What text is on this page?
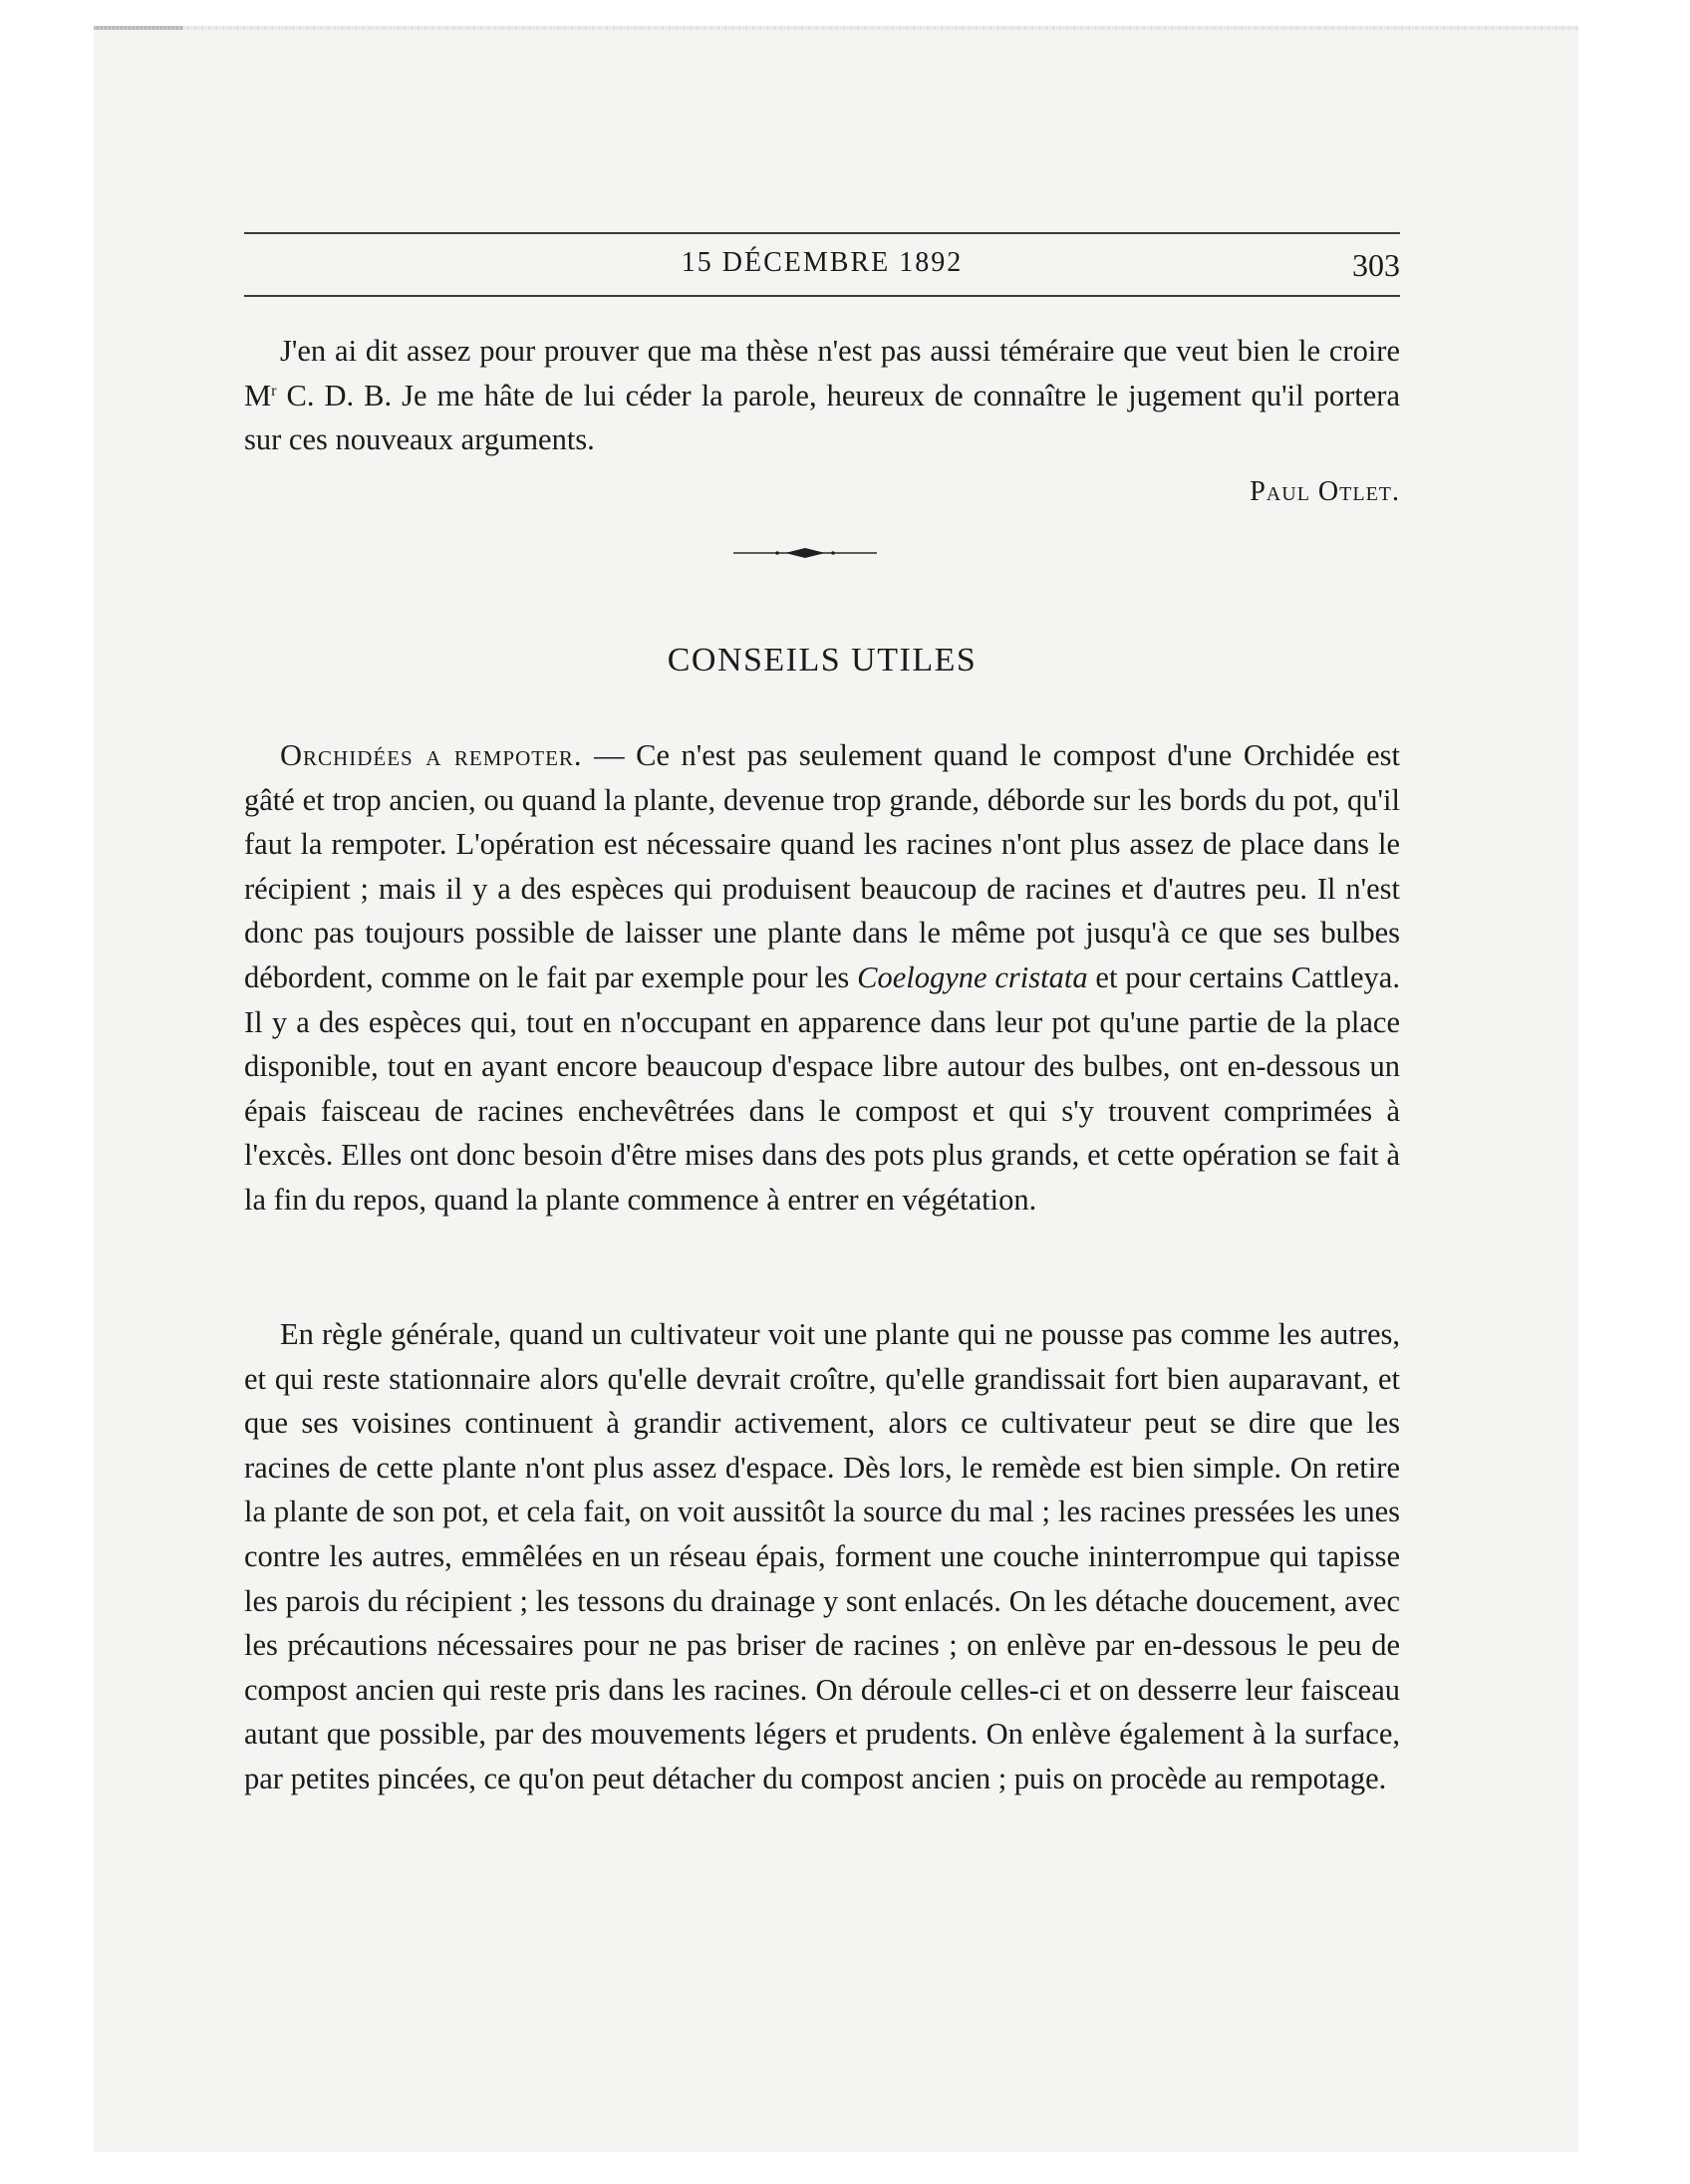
15 DÉCEMBRE 1892	303

J'en ai dit assez pour prouver que ma thèse n'est pas aussi téméraire que veut bien le croire $M^r$ C. D. B. Je me hâte de lui céder la parole, heureux de connaître le jugement qu'il portera sur ces nouveaux arguments.

Paul Otlet.
CONSEILS UTILES

Orchidées a rempoter. — Ce n'est pas seulement quand le compost d'une Orchidée est gâté et trop ancien, ou quand la plante, devenue trop grande, déborde sur les bords du pot, qu'il faut la rempoter. L'opération est nécessaire quand les racines n'ont plus assez de place dans le récipient ; mais il y a des espèces qui produisent beaucoup de racines et d'autres peu. Il n'est donc pas toujours possible de laisser une plante dans le même pot jusqu'à ce que ses bulbes débordent, comme on le fait par exemple pour les Coelogyne cristata et pour certains Cattleya. Il y a des espèces qui, tout en n'occupant en apparence dans leur pot qu'une partie de la place disponible, tout en ayant encore beaucoup d'espace libre autour des bulbes, ont en-dessous un épais faisceau de racines enchevêtrées dans le compost et qui s'y trouvent comprimées à l'excès. Elles ont donc besoin d'être mises dans des pots plus grands, et cette opération se fait à la fin du repos, quand la plante commence à entrer en végétation.

En règle générale, quand un cultivateur voit une plante qui ne pousse pas comme les autres, et qui reste stationnaire alors qu'elle devrait croître, qu'elle grandissait fort bien auparavant, et que ses voisines continuent à grandir activement, alors ce cultivateur peut se dire que les racines de cette plante n'ont plus assez d'espace. Dès lors, le remède est bien simple. On retire la plante de son pot, et cela fait, on voit aussitôt la source du mal ; les racines pressées les unes contre les autres, emmêlées en un réseau épais, forment une couche ininterrompue qui tapisse les parois du récipient ; les tessons du drainage y sont enlacés. On les détache doucement, avec les précautions nécessaires pour ne pas briser de racines ; on enlève par en-dessous le peu de compost ancien qui reste pris dans les racines. On déroule celles-ci et on desserre leur faisceau autant que possible, par des mouvements légers et prudents. On enlève également à la surface, par petites pincées, ce qu'on peut détacher du compost ancien ; puis on procède au rempotage.
